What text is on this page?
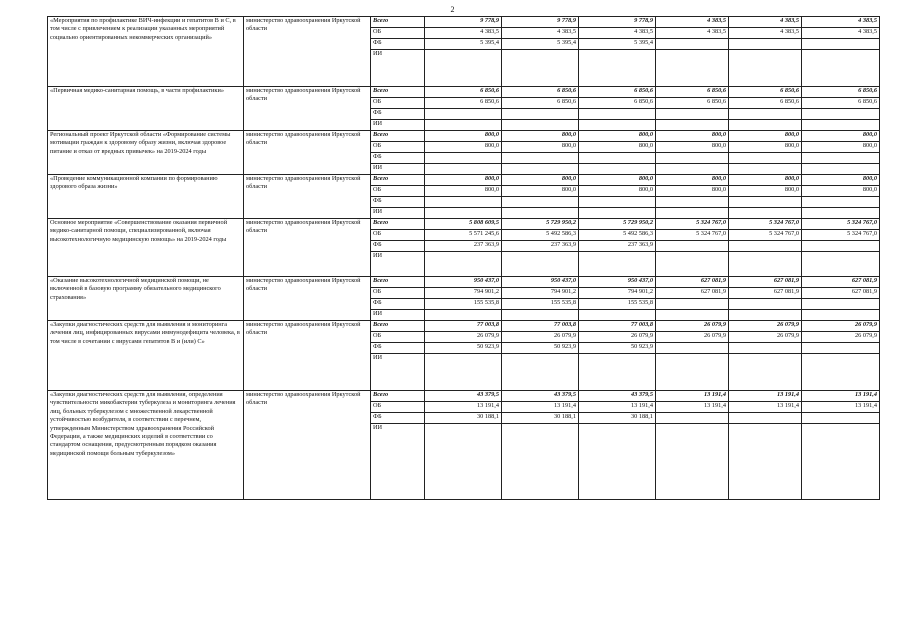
2
«Мероприятия по профилактике ВИЧ-инфекции и гепатитов В и С, в том числе с привлечением к реализации указанных мероприятий социально ориентированных некоммерческих организаций»	министерство здравоохранения Иркутской области	Всего	9 778,9	9 778,9	9 778,9	4 383,5	4 383,5	4 383,5
		ОБ	4 383,5	4 383,5	4 383,5	4 383,5	4 383,5	4 383,5
		ФБ	5 395,4	5 395,4	5 395,4			
		ИИ						
«Первичная медико-санитарная помощь, в части профилактики»	министерство здравоохранения Иркутской области	Всего	6 850,6	6 850,6	6 850,6	6 850,6	6 850,6	6 850,6
		ОБ	6 850,6	6 850,6	6 850,6	6 850,6	6 850,6	6 850,6
		ФБ						
		ИИ						
Региональный проект Иркутской области «Формирование системы мотивации граждан к здоровому образу жизни, включая здоровое питание и отказ от вредных привычек» на 2019-2024 годы	министерство здравоохранения Иркутской области	Всего	800,0	800,0	800,0	800,0	800,0	800,0
		ОБ	800,0	800,0	800,0	800,0	800,0	800,0
		ФБ						
		ИИ						
«Проведение коммуникационной компании по формированию здорового образа жизни»	министерство здравоохранения Иркутской области	Всего	800,0	800,0	800,0	800,0	800,0	800,0
		ОБ	800,0	800,0	800,0	800,0	800,0	800,0
		ФБ						
		ИИ						
Основное мероприятие «Совершенствование оказания первичной медико-санитарной помощи, специализированной, включая высокотехнологичную медицинскую помощь» на 2019-2024 годы	министерство здравоохранения Иркутской области	Всего	5 808 609,5	5 729 950,2	5 729 950,2	5 324 767,0	5 324 767,0	5 324 767,0
		ОБ	5 571 245,6	5 492 586,3	5 492 586,3	5 324 767,0	5 324 767,0	5 324 767,0
		ФБ	237 363,9	237 363,9	237 363,9			
		ИИ						
«Оказание высокотехнологичной медицинской помощи, не включенной в базовую программу обязательного медицинского страхования»	министерство здравоохранения Иркутской области	Всего	950 437,0	950 437,0	950 437,0	627 081,9	627 081,9	627 081,9
		ОБ	794 901,2	794 901,2	794 901,2	627 081,9	627 081,9	627 081,9
		ФБ	155 535,8	155 535,8	155 535,8			
		ИИ						
«Закупки диагностических средств для выявления и мониторинга лечения лиц, инфицированных вирусами иммунодефицита человека, в том числе в сочетании с вирусами гепатитов В и (или) С»	министерство здравоохранения Иркутской области	Всего	77 003,8	77 003,8	77 003,8	26 079,9	26 079,9	26 079,9
		ОБ	26 079,9	26 079,9	26 079,9	26 079,9	26 079,9	26 079,9
		ФБ	50 923,9	50 923,9	50 923,9			
		ИИ						
«Закупки диагностических средств для выявления, определения чувствительности микобактерии туберкулеза и мониторинга лечения лиц, больных туберкулезом с множественной лекарственной устойчивостью возбудителя, в соответствии с перечнем, утвержденным Министерством здравоохранения Российской Федерации, а также медицинских изделий в соответствии со стандартом оснащения, предусмотренным порядком оказания медицинской помощи больным туберкулезом»	министерство здравоохранения Иркутской области	Всего	43 379,5	43 379,5	43 379,5	13 191,4	13 191,4	13 191,4
		ОБ	13 191,4	13 191,4	13 191,4	13 191,4	13 191,4	13 191,4
		ФБ	30 188,1	30 188,1	30 188,1			
		ИИ						
